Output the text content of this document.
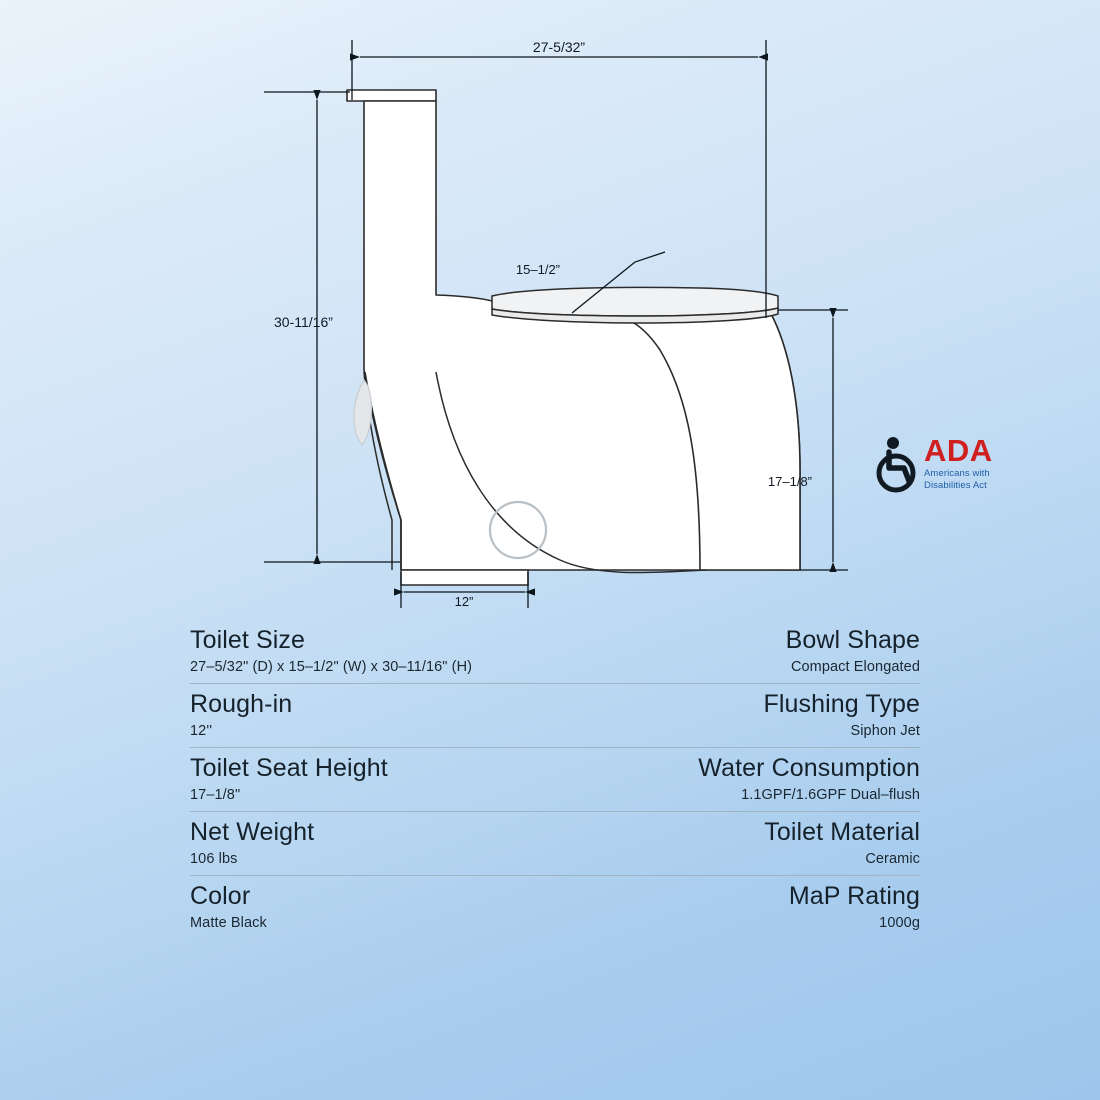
27-5/32”
30-11/16”
15–1/2”
17–1/8”
12”
ADA
Americans with
Disabilities Act
Toilet Size	Bowl Shape
27–5/32" (D) x 15–1/2" (W) x 30–11/16" (H)	Compact Elongated
Rough-in	Flushing Type
12''	Siphon Jet
Toilet Seat Height	Water Consumption
17–1/8"	1.1GPF/1.6GPF Dual–flush
Net Weight	Toilet Material
106 lbs	Ceramic
Color	MaP Rating
Matte Black	1000g
